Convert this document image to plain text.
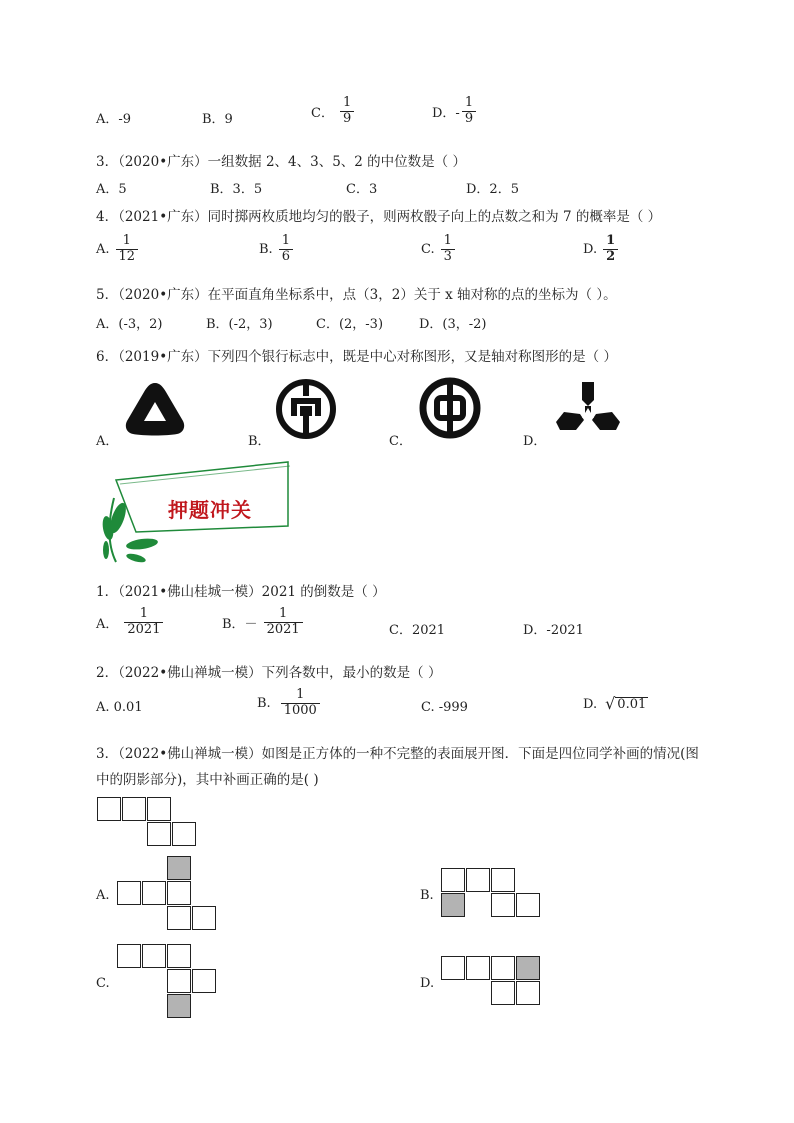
A．-9	B．9	C． $\frac{1}{9}$	D．- $\frac{1}{9}$
3．（2020•广东）一组数据 2、4、3、5、2 的中位数是（ ）
A．5	B．3．5	C．3	D．2．5
4．（2021•广东）同时掷两枚质地均匀的骰子，则两枚骰子向上的点数之和为 7 的概率是（ ）
A. $\frac{1}{12}$	B. $\frac{1}{6}$	C. $\frac{1}{3}$	D. $\frac{1}{2}$
5．（2020•广东）在平面直角坐标系中，点（3，2）关于 x 轴对称的点的坐标为（ ）。
A．(-3，2)	B．(-2，3)	C．(2，-3)	D．(3，-2)
6．（2019•广东）下列四个银行标志中，既是中心对称图形，又是轴对称图形的是（ ）
A．	B．	C．	D．
押题冲关
1．（2021•佛山桂城一模）2021 的倒数是（ ）
A． $\frac{1}{2021}$	B．－ $\frac{1}{2021}$	C．2021	D．-2021
2．（2022•佛山禅城一模）下列各数中，最小的数是（ ）
A. 0.01	B. $\frac{1}{1000}$	C. -999	D. √ 0.01
3．（2022•佛山禅城一模）如图是正方体的一种不完整的表面展开图．下面是四位同学补画的情况(图
中的阴影部分)，其中补画正确的是( )
A.	B.
C.	D.
